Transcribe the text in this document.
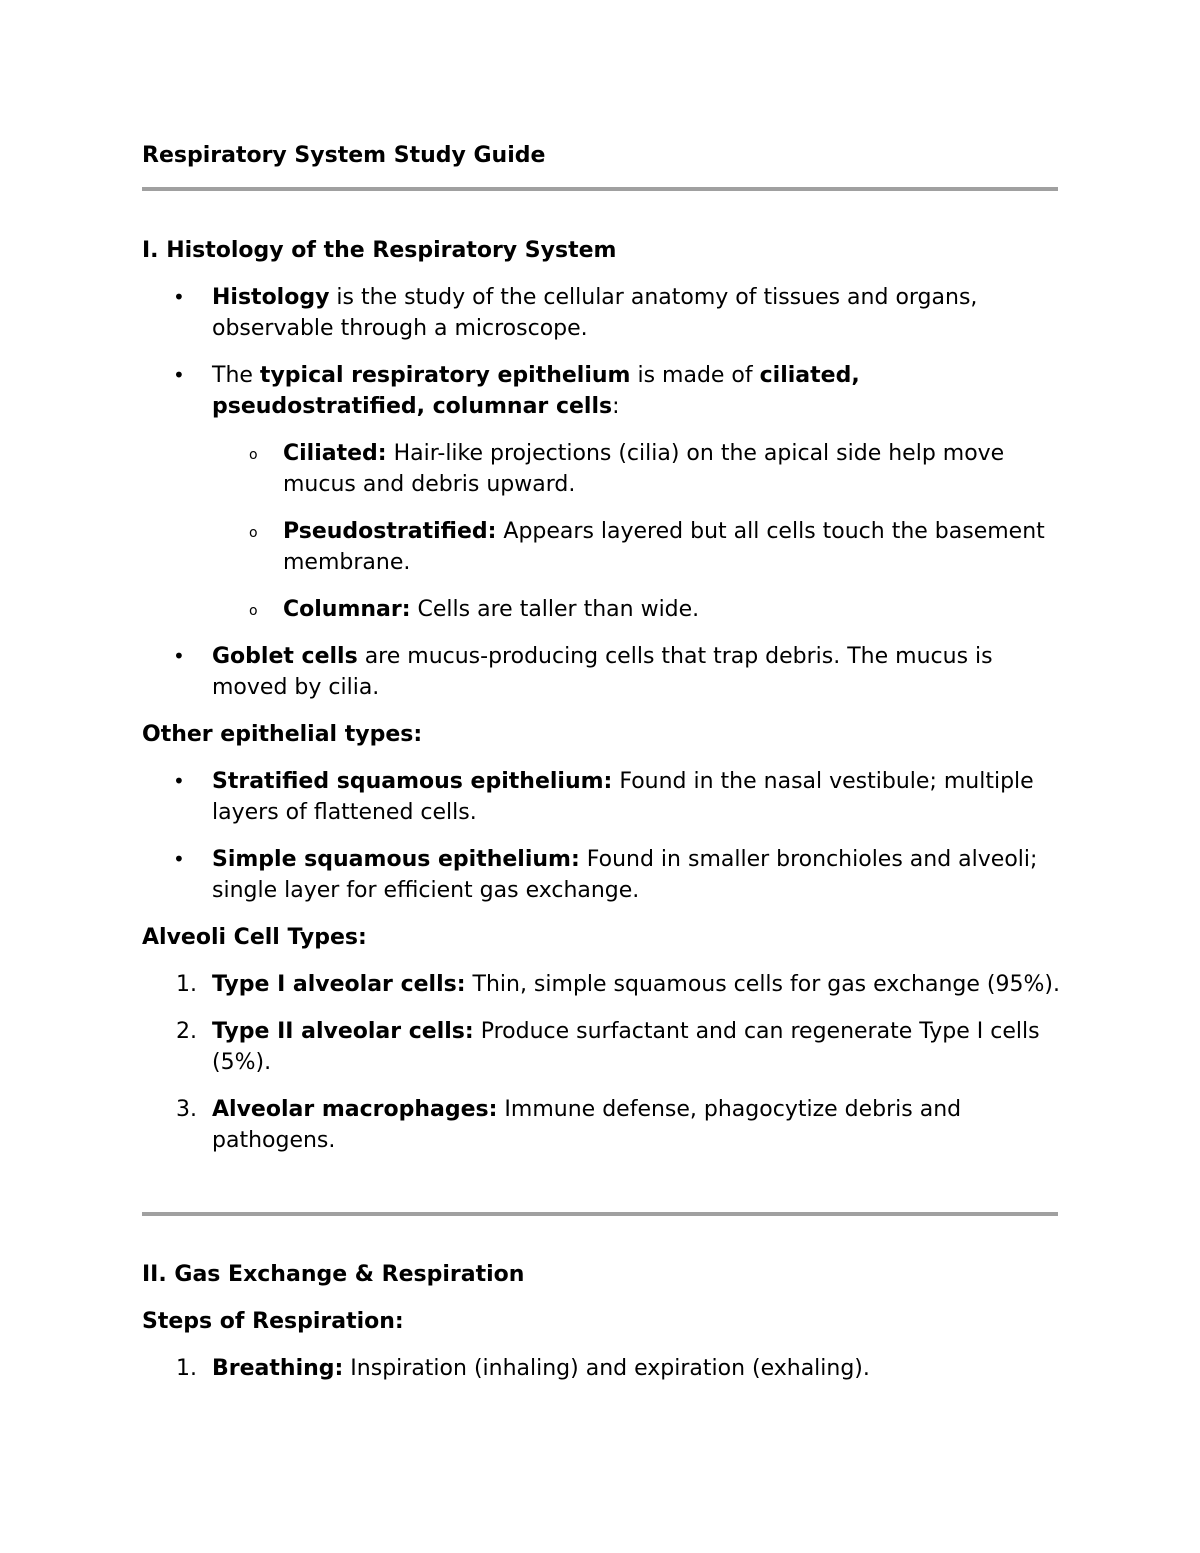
Respiratory System Study Guide
I. Histology of the Respiratory System
• Histology is the study of the cellular anatomy of tissues and organs, observable through a microscope.
• The typical respiratory epithelium is made of ciliated, pseudostratified, columnar cells:
o Ciliated: Hair-like projections (cilia) on the apical side help move mucus and debris upward.
o Pseudostratified: Appears layered but all cells touch the basement membrane.
o Columnar: Cells are taller than wide.
• Goblet cells are mucus-producing cells that trap debris. The mucus is moved by cilia.
Other epithelial types:
• Stratified squamous epithelium: Found in the nasal vestibule; multiple layers of flattened cells.
• Simple squamous epithelium: Found in smaller bronchioles and alveoli; single layer for efficient gas exchange.
Alveoli Cell Types:
1. Type I alveolar cells: Thin, simple squamous cells for gas exchange (95%).
2. Type II alveolar cells: Produce surfactant and can regenerate Type I cells (5%).
3. Alveolar macrophages: Immune defense, phagocytize debris and pathogens.
II. Gas Exchange & Respiration
Steps of Respiration:
1. Breathing: Inspiration (inhaling) and expiration (exhaling).
